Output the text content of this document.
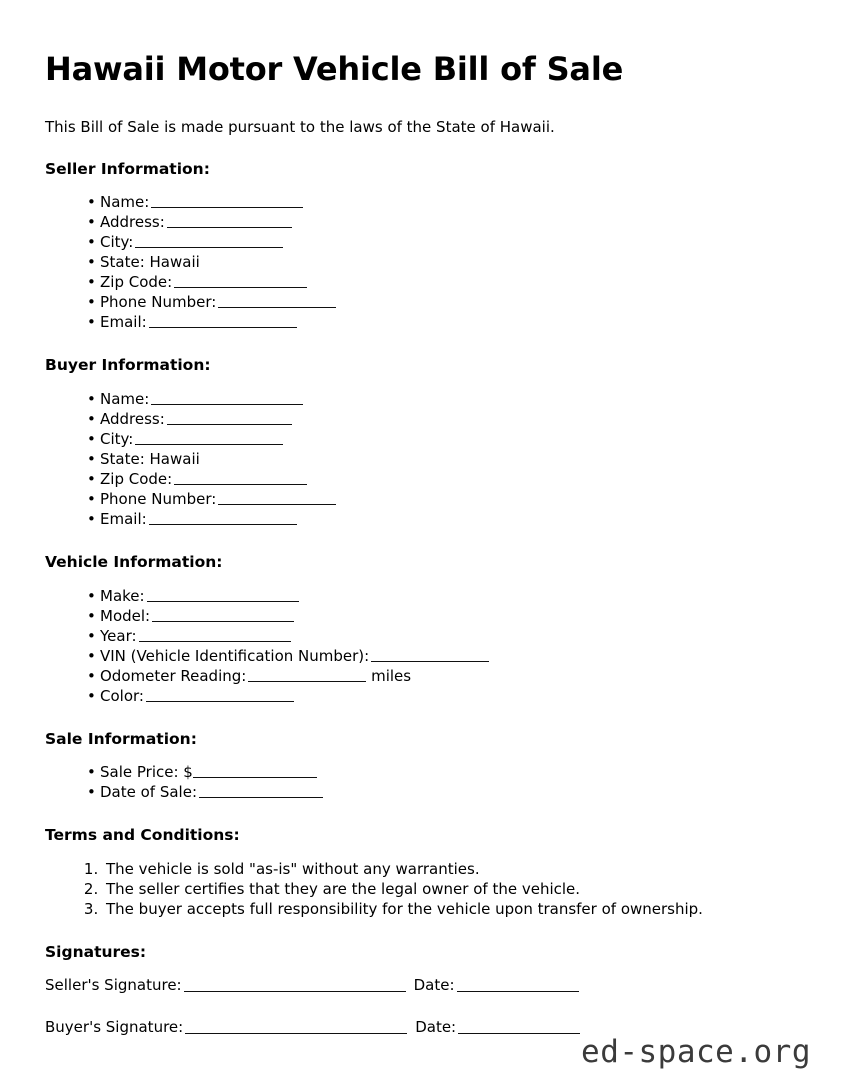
Hawaii Motor Vehicle Bill of Sale

This Bill of Sale is made pursuant to the laws of the State of Hawaii.

Seller Information:
• Name:
• Address:
• City:
• State: Hawaii
• Zip Code:
• Phone Number:
• Email:
Buyer Information:
• Name:
• Address:
• City:
• State: Hawaii
• Zip Code:
• Phone Number:
• Email:
Vehicle Information:
• Make:
• Model:
• Year:
• VIN (Vehicle Identification Number):
• Odometer Reading:	miles
• Color:
Sale Information:
• Sale Price: $
• Date of Sale:
Terms and Conditions:
1. The vehicle is sold "as-is" without any warranties.
2. The seller certifies that they are the legal owner of the vehicle.
3. The buyer accepts full responsibility for the vehicle upon transfer of ownership.
Signatures:
Seller's Signature:	Date:
Buyer's Signature:	Date:
ed-space.org
